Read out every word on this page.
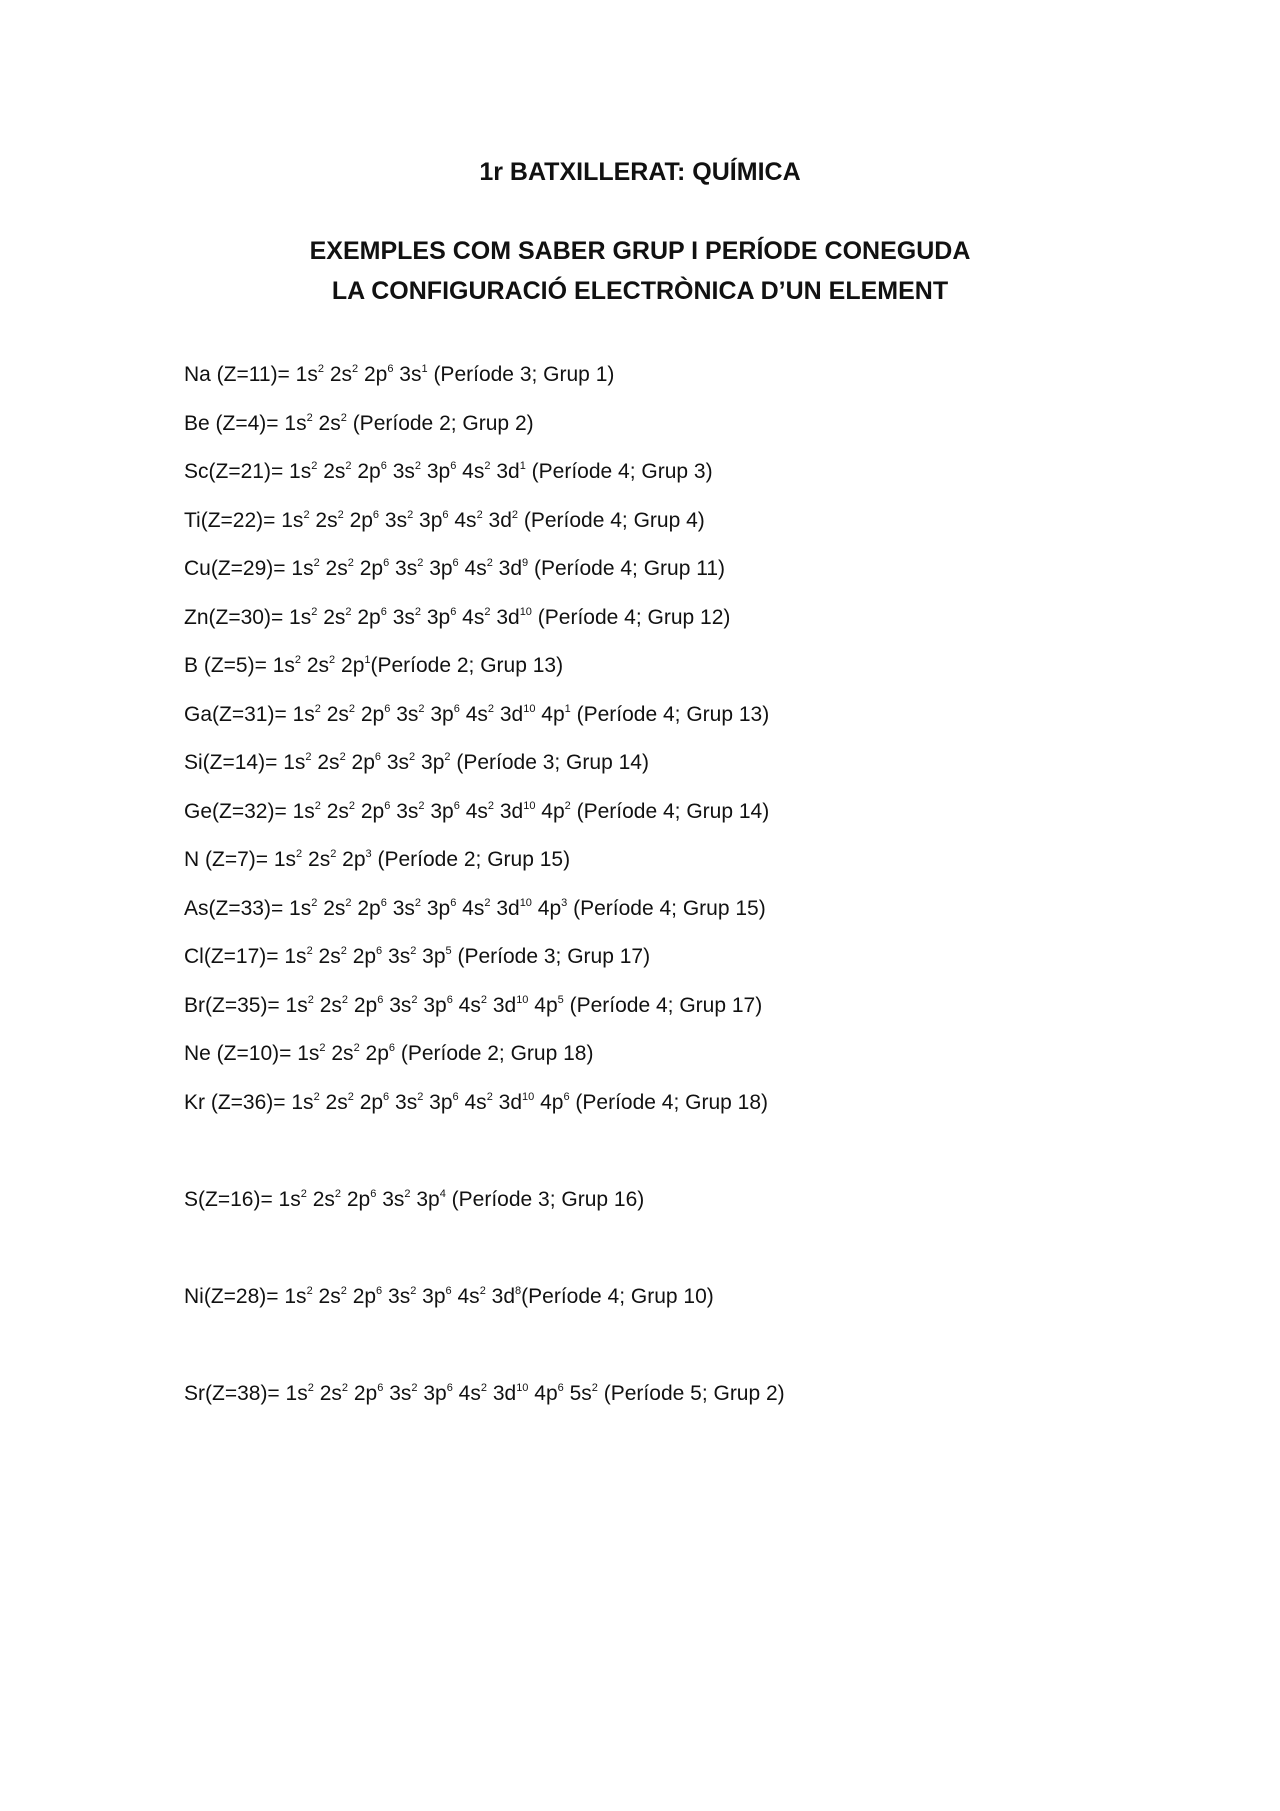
1r BATXILLERAT: QUÍMICA
EXEMPLES COM SABER GRUP I PERÍODE CONEGUDA
LA CONFIGURACIÓ ELECTRÒNICA D’UN ELEMENT
Na $(Z=11)= 1s^2$ $2s^2$ $2p^6$ $3s^1$ (Període 3; Grup 1)
Be $(Z=4)= 1s^2$ $2s^2$ (Període 2; Grup 2)
$Sc(Z=21)= 1s^2$ $2s^2$ $2p^6$ $3s^2$ $3p^6$ $4s^2$ $3d^1$ (Període 4; Grup 3)
$Ti(Z=22)= 1s^2$ $2s^2$ $2p^6$ $3s^2$ $3p^6$ $4s^2$ $3d^2$ (Període 4; Grup 4)
$Cu(Z=29)= 1s^2$ $2s^2$ $2p^6$ $3s^2$ $3p^6$ $4s^2$ $3d^9$ (Període 4; Grup 11)
$Zn(Z=30)= 1s^2$ $2s^2$ $2p^6$ $3s^2$ $3p^6$ $4s^2$ $3d^{10}$ (Període 4; Grup 12)
B $(Z=5)= 1s^2$ $2s^2$ $2p^1(Període$ 2; Grup 13)
$Ga(Z=31)= 1s^2$ $2s^2$ $2p^6$ $3s^2$ $3p^6$ $4s^2$ $3d^{10}$ $4p^1$ (Període 4; Grup 13)
$Si(Z=14)= 1s^2$ $2s^2$ $2p^6$ $3s^2$ $3p^2$ (Període 3; Grup 14)
$Ge(Z=32)= 1s^2$ $2s^2$ $2p^6$ $3s^2$ $3p^6$ $4s^2$ $3d^{10}$ $4p^2$ (Període 4; Grup 14)
N $(Z=7)= 1s^2$ $2s^2$ $2p^3$ (Període 2; Grup 15)
$As(Z=33)= 1s^2$ $2s^2$ $2p^6$ $3s^2$ $3p^6$ $4s^2$ $3d^{10}$ $4p^3$ (Període 4; Grup 15)
$Cl(Z=17)= 1s^2$ $2s^2$ $2p^6$ $3s^2$ $3p^5$ (Període 3; Grup 17)
$Br(Z=35)= 1s^2$ $2s^2$ $2p^6$ $3s^2$ $3p^6$ $4s^2$ $3d^{10}$ $4p^5$ (Període 4; Grup 17)
Ne $(Z=10)= 1s^2$ $2s^2$ $2p^6$ (Període 2; Grup 18)
Kr $(Z=36)= 1s^2$ $2s^2$ $2p^6$ $3s^2$ $3p^6$ $4s^2$ $3d^{10}$ $4p^6$ (Període 4; Grup 18)
$S(Z=16)= 1s^2$ $2s^2$ $2p^6$ $3s^2$ $3p^4$ (Període 3; Grup 16)
$Ni(Z=28)= 1s^2$ $2s^2$ $2p^6$ $3s^2$ $3p^6$ $4s^2$ $3d^8(Període$ 4; Grup 10)
$Sr(Z=38)= 1s^2$ $2s^2$ $2p^6$ $3s^2$ $3p^6$ $4s^2$ $3d^{10}$ $4p^6$ $5s^2$ (Període 5; Grup 2)
